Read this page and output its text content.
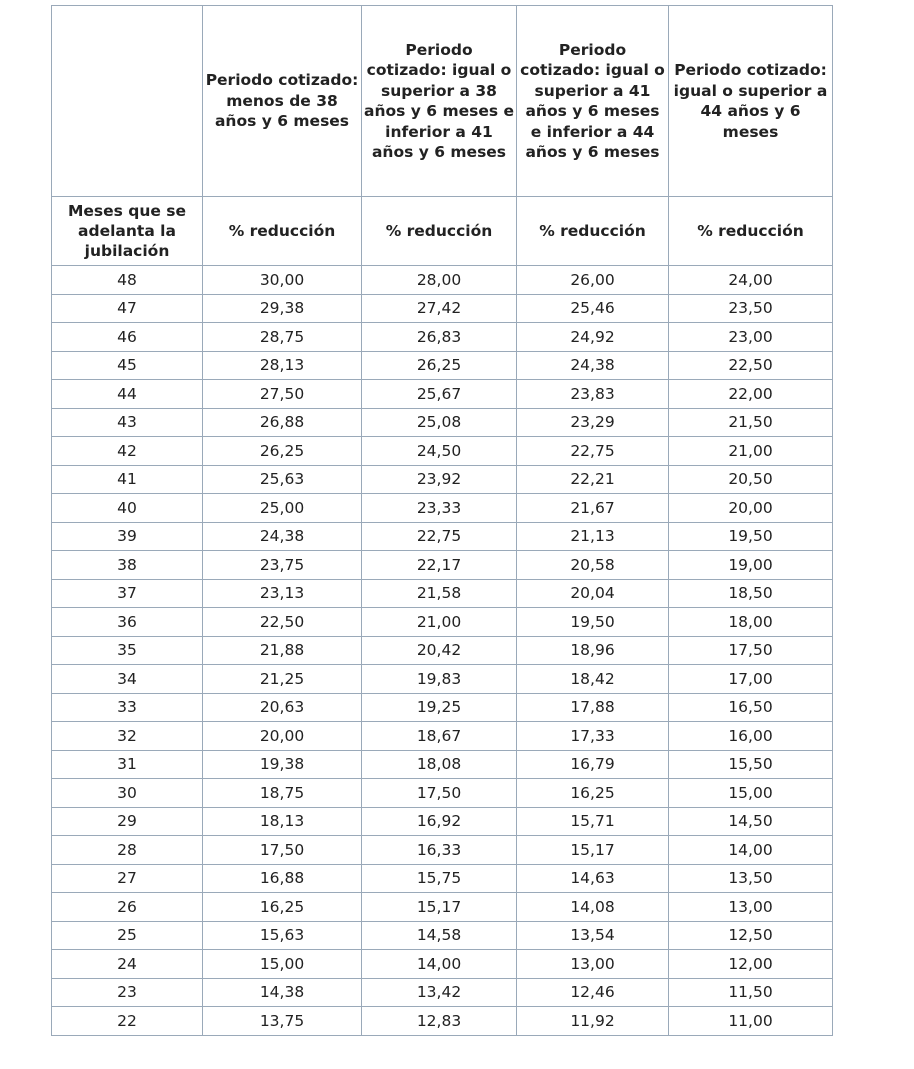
	Periodo cotizado: menos de 38 años y 6 meses	Periodo cotizado: igual o superior a 38 años y 6 meses e inferior a 41 años y 6 meses	Periodo cotizado: igual o superior a 41 años y 6 meses e inferior a 44 años y 6 meses	Periodo cotizado: igual o superior a 44 años y 6 meses
Meses que se adelanta la jubilación	% reducción	% reducción	% reducción	% reducción
48	30,00	28,00	26,00	24,00
47	29,38	27,42	25,46	23,50
46	28,75	26,83	24,92	23,00
45	28,13	26,25	24,38	22,50
44	27,50	25,67	23,83	22,00
43	26,88	25,08	23,29	21,50
42	26,25	24,50	22,75	21,00
41	25,63	23,92	22,21	20,50
40	25,00	23,33	21,67	20,00
39	24,38	22,75	21,13	19,50
38	23,75	22,17	20,58	19,00
37	23,13	21,58	20,04	18,50
36	22,50	21,00	19,50	18,00
35	21,88	20,42	18,96	17,50
34	21,25	19,83	18,42	17,00
33	20,63	19,25	17,88	16,50
32	20,00	18,67	17,33	16,00
31	19,38	18,08	16,79	15,50
30	18,75	17,50	16,25	15,00
29	18,13	16,92	15,71	14,50
28	17,50	16,33	15,17	14,00
27	16,88	15,75	14,63	13,50
26	16,25	15,17	14,08	13,00
25	15,63	14,58	13,54	12,50
24	15,00	14,00	13,00	12,00
23	14,38	13,42	12,46	11,50
22	13,75	12,83	11,92	11,00
